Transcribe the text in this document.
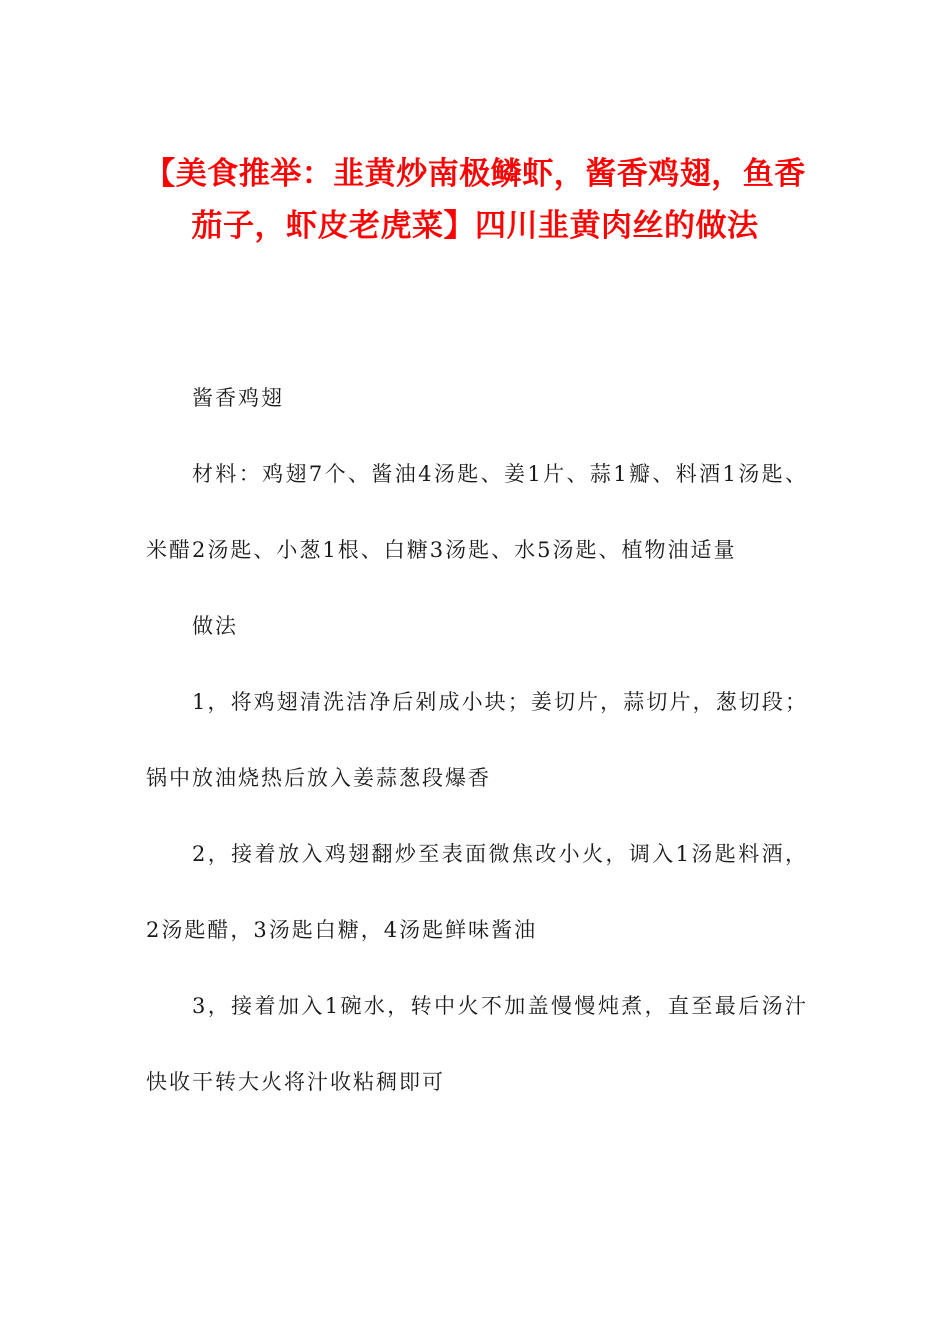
【美食推举：韭黄炒南极鳞虾，酱香鸡翅，鱼香茄子，虾皮老虎菜】四川韭黄肉丝的做法

酱香鸡翅

材料：鸡翅7个、酱油4汤匙、姜1片、蒜1瓣、料酒1汤匙、米醋2汤匙、小葱1根、白糖3汤匙、水5汤匙、植物油适量

做法

1，将鸡翅清洗洁净后剁成小块；姜切片，蒜切片，葱切段；锅中放油烧热后放入姜蒜葱段爆香

2，接着放入鸡翅翻炒至表面微焦改小火，调入1汤匙料酒，2汤匙醋，3汤匙白糖，4汤匙鲜味酱油

3，接着加入1碗水，转中火不加盖慢慢炖煮，直至最后汤汁快收干转大火将汁收粘稠即可
